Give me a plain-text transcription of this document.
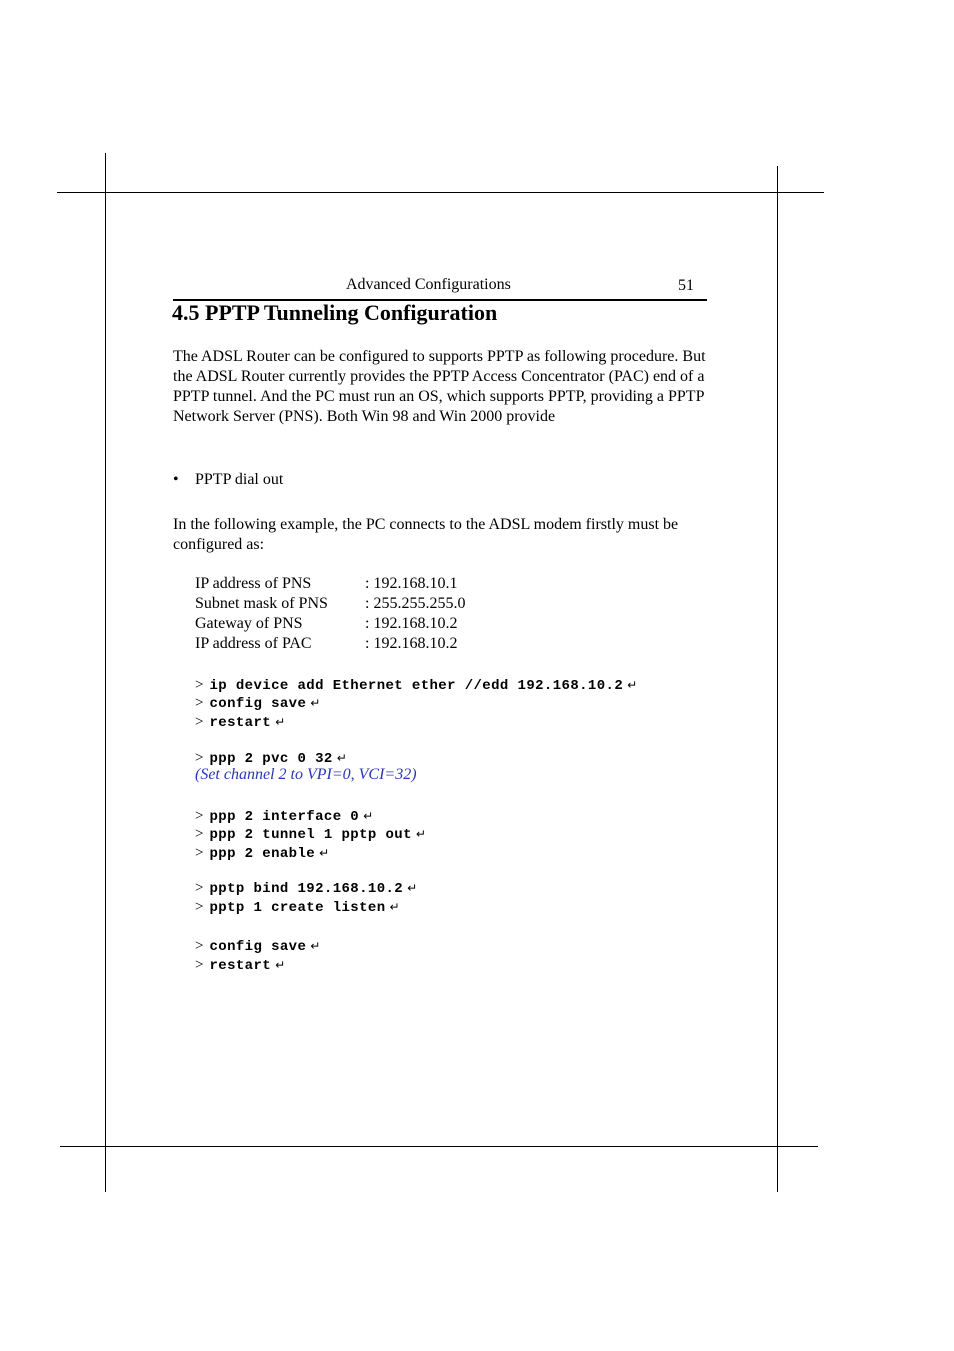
Advanced Configurations	51
4.5 PPTP Tunneling Configuration

The ADSL Router can be configured to supports PPTP as following procedure. But the ADSL Router currently provides the PPTP Access Concentrator (PAC) end of a PPTP tunnel. And the PC must run an OS, which supports PPTP, providing a PPTP Network Server (PNS). Both Win 98 and Win 2000 provide

• PPTP dial out

In the following example, the PC connects to the ADSL modem firstly must be configured as:

IP address of PNS	: 192.168.10.1
Subnet mask of PNS : 255.255.255.0
Gateway of PNS	: 192.168.10.2
IP address of PAC	: 192.168.10.2
> ip device add Ethernet ether //edd 192.168.10.2 ↵
> config save ↵
> restart ↵
> ppp 2 pvc 0 32 ↵
(Set channel 2 to VPI=0, VCI=32)
> ppp 2 interface 0 ↵
> ppp 2 tunnel 1 pptp out ↵
> ppp 2 enable ↵
> pptp bind 192.168.10.2 ↵
> pptp 1 create listen ↵
> config save ↵
> restart ↵
